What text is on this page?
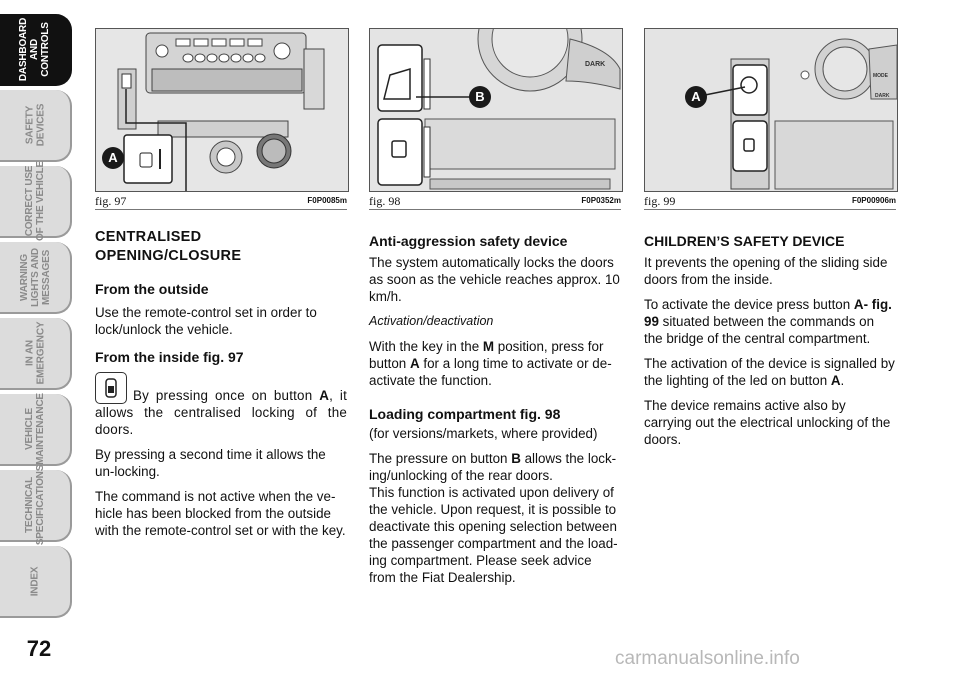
DASHBOARD
AND
CONTROLS
SAFETY
DEVICES
CORRECT USE
OF THE VEHICLE
WARNING
LIGHTS AND
MESSAGES
IN AN
EMERGENCY
VEHICLE
MAINTENANCE
TECHNICAL
SPECIFICATIONS
INDEX
72
A
fig. 97	F0P0085m
DARK
B
fig. 98	F0P0352m
MODE
DARK
A
fig. 99	F0P00906m

CENTRALISED OPENING/CLOSURE

From the outside

Use the remote-control set in order to lock/unlock the vehicle.

From the inside fig. 97

By pressing once on button A, it allows the centralised locking of the doors.

By pressing a second time it allows the un-locking.

The command is not active when the ve-hicle has been blocked from the outside with the remote-control set or with the key.

Anti-aggression safety device

The system automatically locks the doors as soon as the vehicle reaches approx. 10 km/h.

Activation/deactivation

With the key in the M position, press for button A for a long time to activate or de-activate the function.

Loading compartment fig. 98

(for versions/markets, where provided)

The pressure on button B allows the lock-ing/unlocking of the rear doors.

This function is activated upon delivery of the vehicle. Upon request, it is possible to deactivate this opening selection between the passenger compartment and the load-ing compartment. Please seek advice from the Fiat Dealership.

CHILDREN’S SAFETY DEVICE

It prevents the opening of the sliding side doors from the inside.

To activate the device press button A- fig. 99 situated between the commands on the bridge of the central compartment.

The activation of the device is signalled by the lighting of the led on button A.

The device remains active also by carrying out the electrical unlocking of the doors.

carmanualsonline.info
